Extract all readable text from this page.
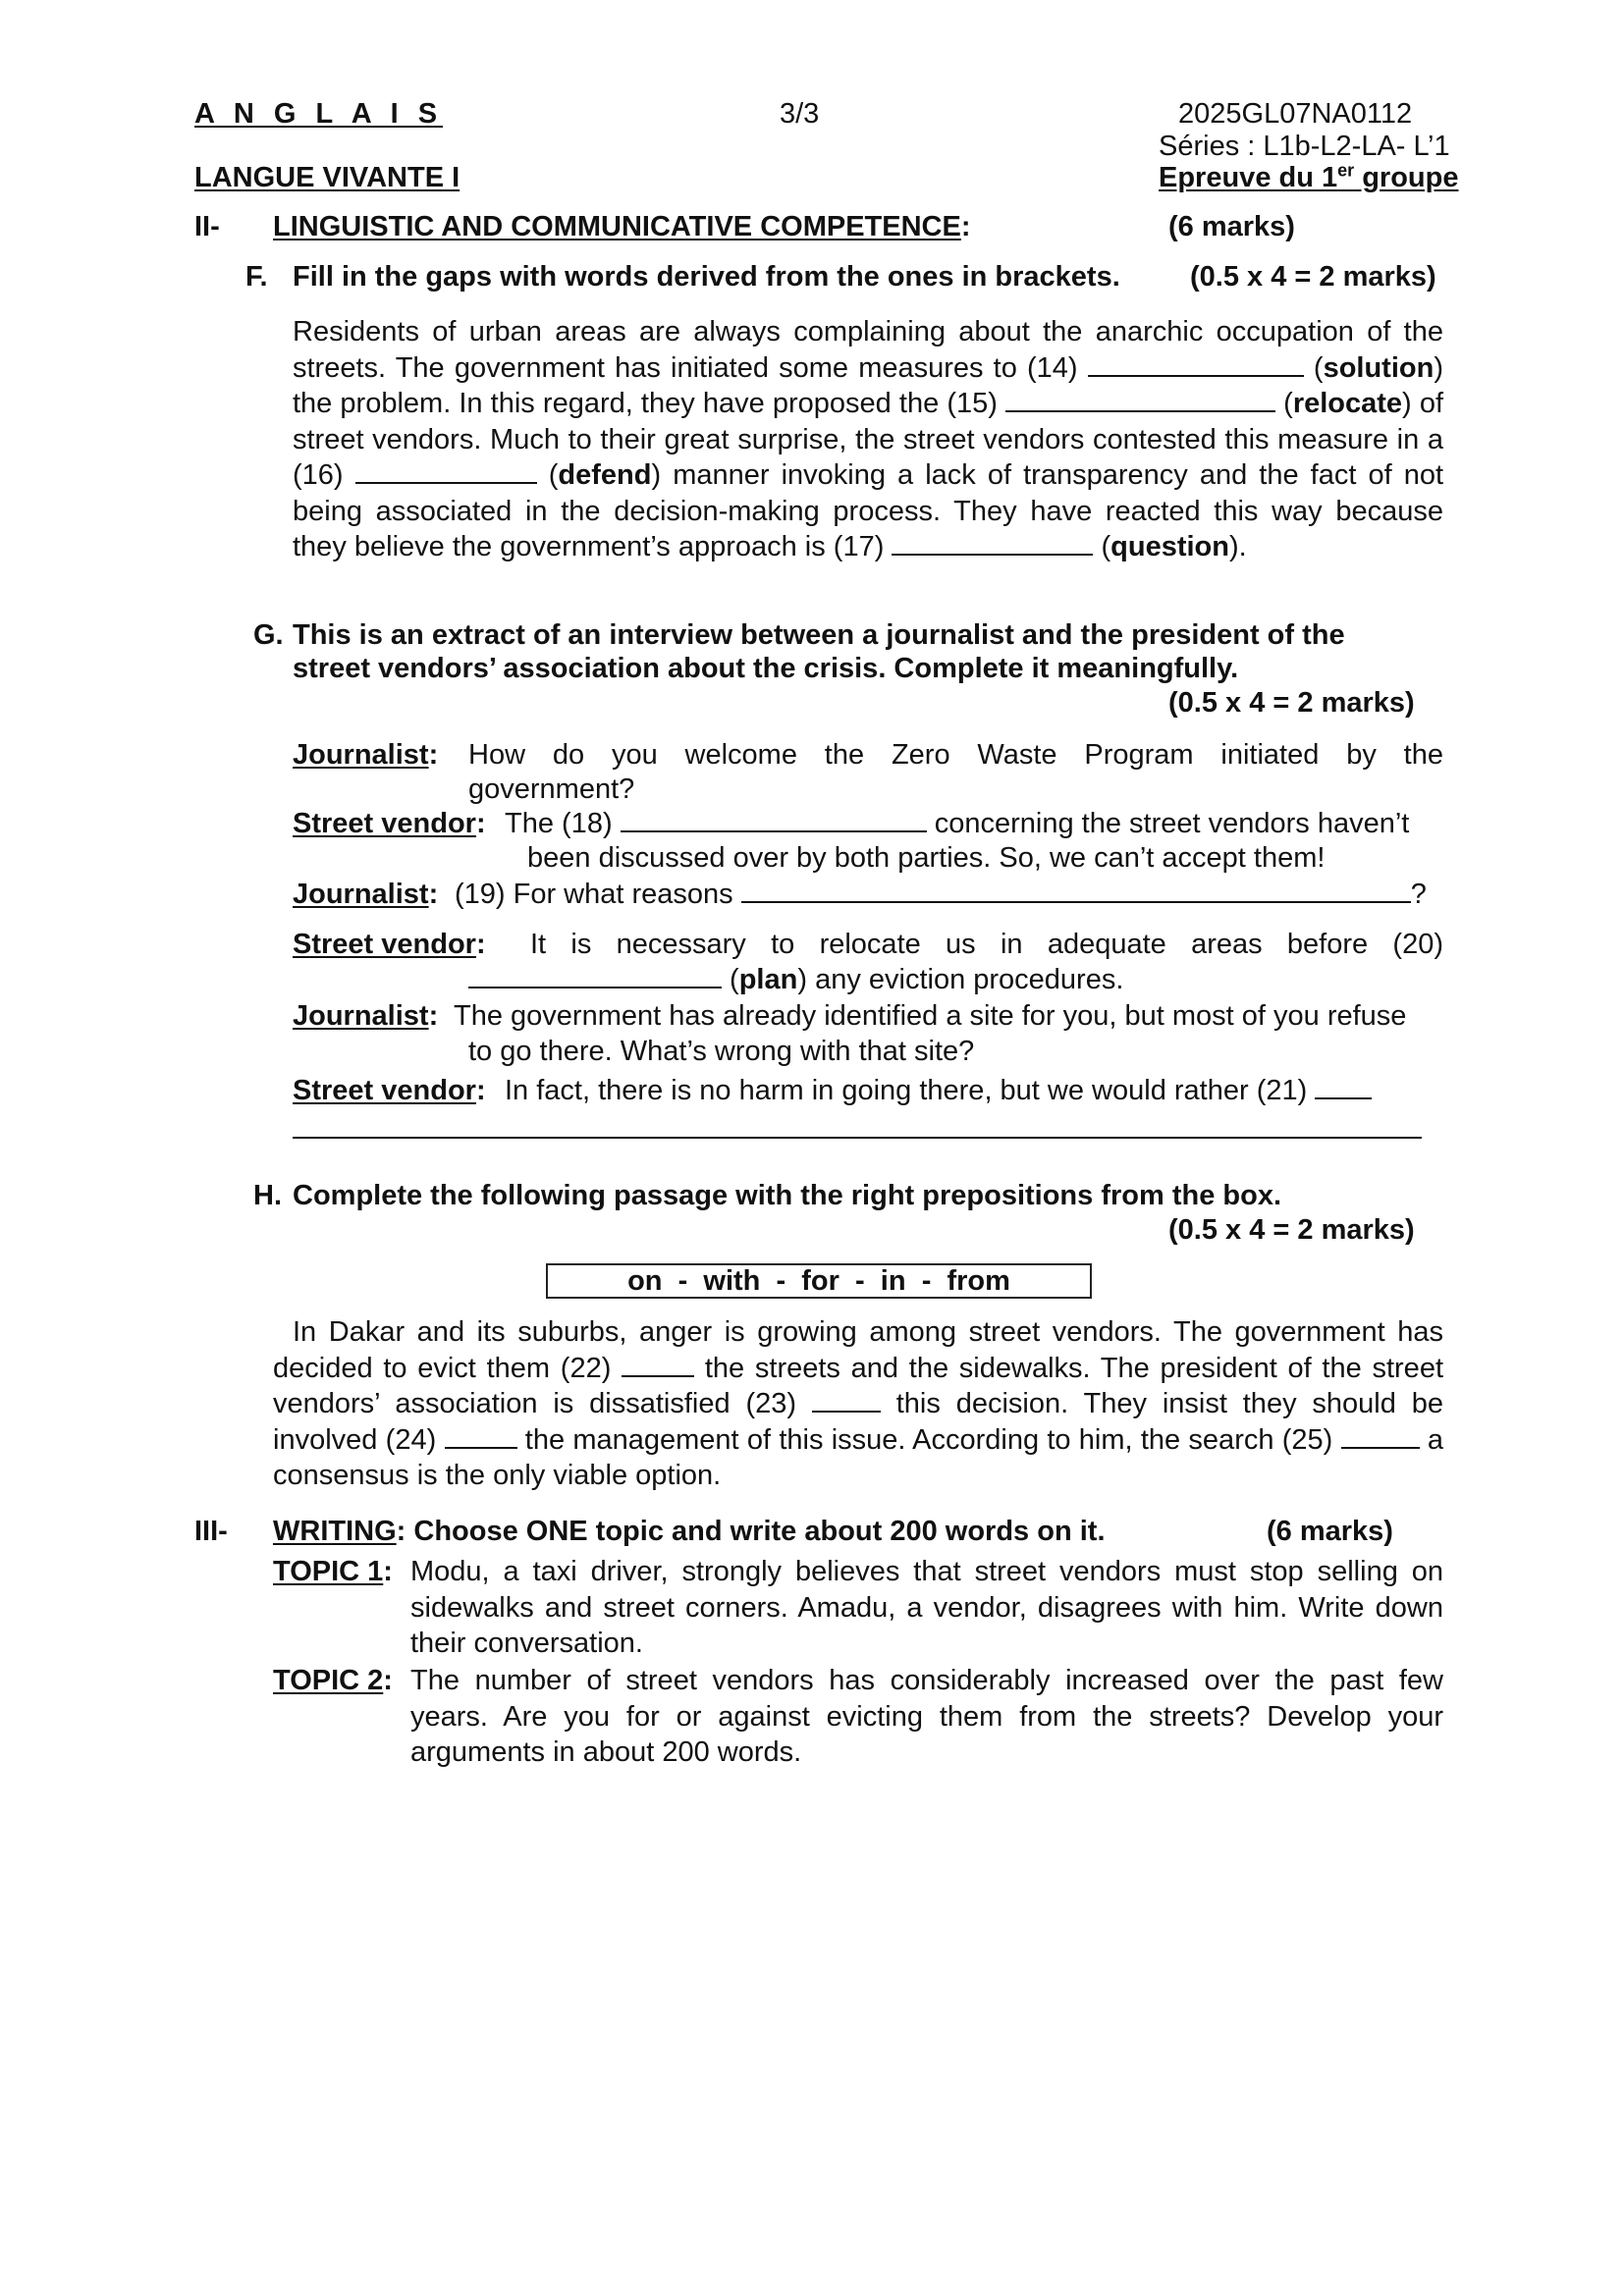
A N G L A I S	3/3	2025GL07NA0112
Séries : L1b-L2-LA- L’1
LANGUE VIVANTE I	Epreuve du 1er groupe
II- LINGUISTIC AND COMMUNICATIVE COMPETENCE:	(6 marks)
F. Fill in the gaps with words derived from the ones in brackets. (0.5 x 4 = 2 marks)
Residents of urban areas are always complaining about the anarchic occupation of the streets. The government has initiated some measures to (14)	(solution) the problem. In this regard, they have proposed the (15)	(relocate) of street vendors. Much to their great surprise, the street vendors contested this measure in a (16)	(defend) manner invoking a lack of transparency and the fact of not being associated in the decision-making process. They have reacted this way because they believe the government’s approach is (17)	(question).
G. This is an extract of an interview between a journalist and the president of the
street vendors’ association about the crisis. Complete it meaningfully.
(0.5 x 4 = 2 marks)
Journalist: How do you welcome the Zero Waste Program initiated by the
government?
Street vendor: The (18)	concerning the street vendors haven’t
been discussed over by both parties. So, we can’t accept them!
Journalist: (19) For what reasons	?
Street vendor: It is necessary to relocate us in adequate areas before (20)
(plan) any eviction procedures.
Journalist: The government has already identified a site for you, but most of you refuse
to go there. What’s wrong with that site?
Street vendor: In fact, there is no harm in going there, but we would rather (21)
H. Complete the following passage with the right prepositions from the box.
(0.5 x 4 = 2 marks)
on  -  with  -  for  -  in  -  from
In Dakar and its suburbs, anger is growing among street vendors. The government has decided to evict them (22)	the streets and the sidewalks. The president of the street vendors’ association is dissatisfied (23)	this decision. They insist they should be involved (24)	the management of this issue. According to him, the search (25)	a consensus is the only viable option.
III- WRITING: Choose ONE topic and write about 200 words on it.	(6 marks)
TOPIC 1: Modu, a taxi driver, strongly believes that street vendors must stop selling on sidewalks and street corners. Amadu, a vendor, disagrees with him. Write down their conversation.
TOPIC 2: The number of street vendors has considerably increased over the past few years. Are you for or against evicting them from the streets? Develop your arguments in about 200 words.
